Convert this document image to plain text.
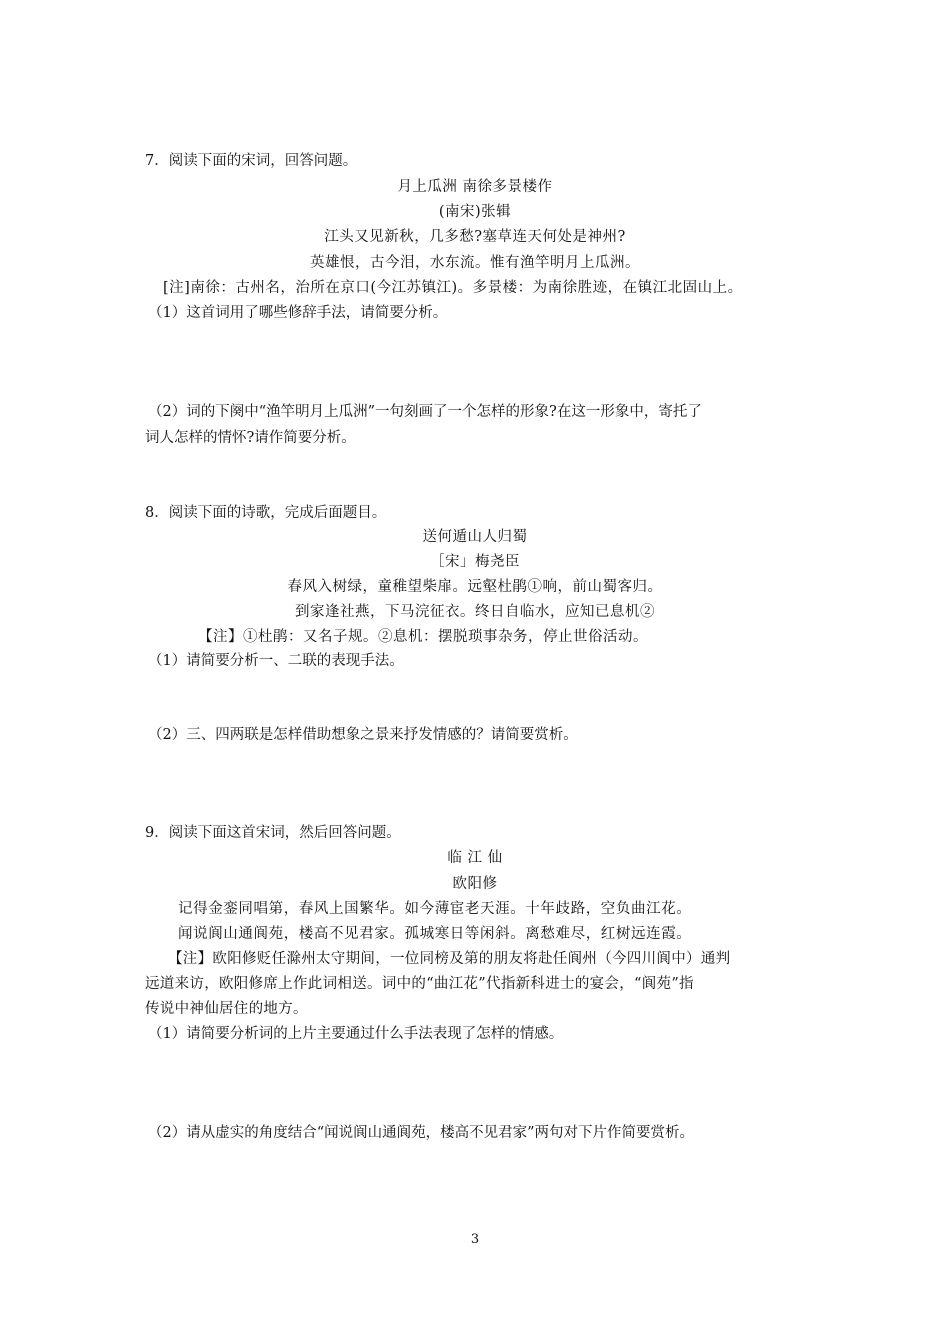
7．阅读下面的宋词，回答问题。
月上瓜洲 南徐多景楼作
(南宋)张辑
江头又见新秋，几多愁?塞草连天何处是神州?
英雄恨，古今泪，水东流。惟有渔竿明月上瓜洲。
[注]南徐：古州名，治所在京口(今江苏镇江)。多景楼：为南徐胜迹，在镇江北固山上。
（1）这首词用了哪些修辞手法，请简要分析。
（2）词的下阕中“渔竿明月上瓜洲”一句刻画了一个怎样的形象?在这一形象中，寄托了
词人怎样的情怀?请作简要分析。
8．阅读下面的诗歌，完成后面题目。
送何遁山人归蜀
［宋」梅尧臣
春风入树绿，童稚望柴扉。远壑杜鹃①响，前山蜀客归。
到家逢社燕，下马浣征衣。终日自临水，应知已息机②
【注】①杜鹃：又名子规。②息机：摆脱琐事杂务，停止世俗活动。
（1）请简要分析一、二联的表现手法。
（2）三、四两联是怎样借助想象之景来抒发情感的？请简要赏析。
9．阅读下面这首宋词，然后回答问题。
临 江 仙
欧阳修
记得金銮同唱第，春风上国繁华。如今薄宦老天涯。十年歧路，空负曲江花。
闻说阆山通阆苑，楼高不见君家。孤城寒日等闲斜。离愁难尽，红树远连霞。
【注】欧阳修贬任滁州太守期间，一位同榜及第的朋友将赴任阆州（今四川阆中）通判
远道来访，欧阳修席上作此词相送。词中的“曲江花”代指新科进士的宴会，“阆苑”指
传说中神仙居住的地方。
（1）请简要分析词的上片主要通过什么手法表现了怎样的情感。
（2）请从虚实的角度结合“闻说阆山通阆苑，楼高不见君家”两句对下片作简要赏析。
3
